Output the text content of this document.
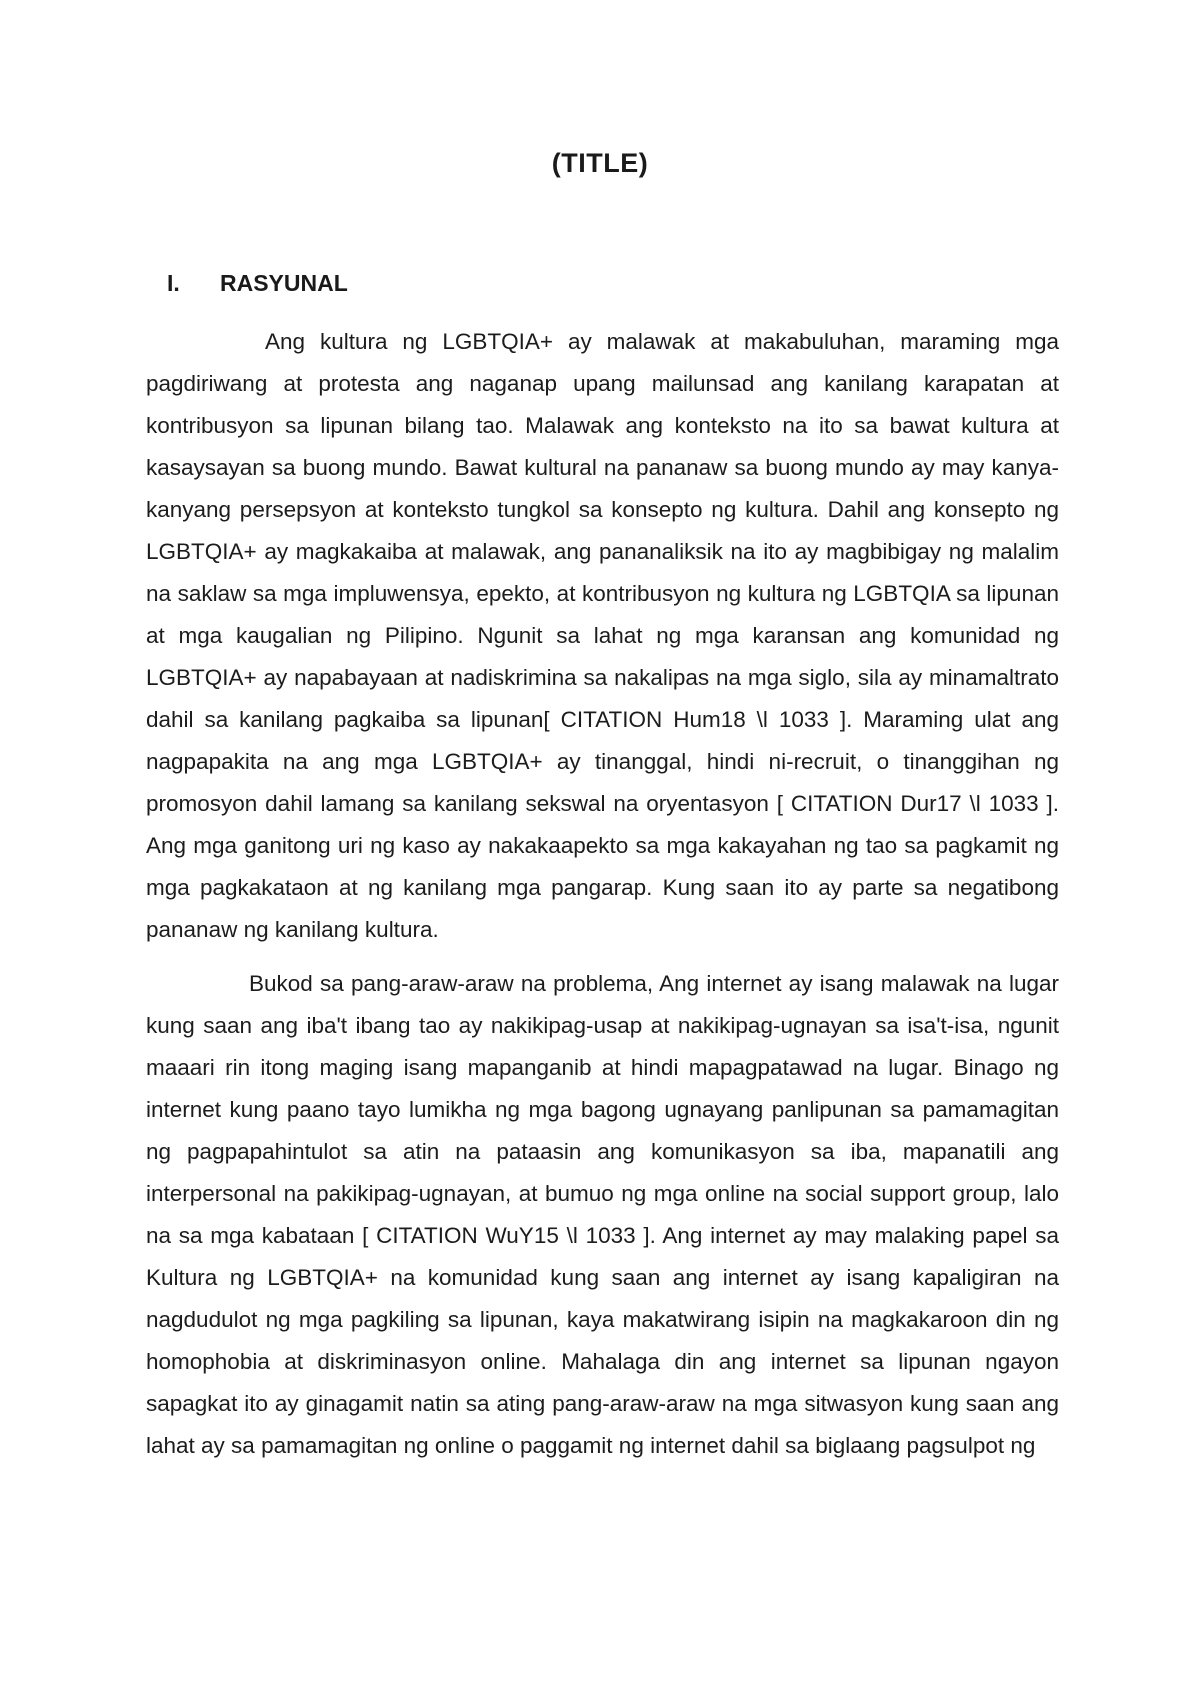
(TITLE)
I.	RASYUNAL

Ang kultura ng LGBTQIA+ ay malawak at makabuluhan, maraming mga pagdiriwang at protesta ang naganap upang mailunsad ang kanilang karapatan at kontribusyon sa lipunan bilang tao. Malawak ang konteksto na ito sa bawat kultura at kasaysayan sa buong mundo. Bawat kultural na pananaw sa buong mundo ay may kanya-kanyang persepsyon at konteksto tungkol sa konsepto ng kultura. Dahil ang konsepto ng LGBTQIA+ ay magkakaiba at malawak, ang pananaliksik na ito ay magbibigay ng malalim na saklaw sa mga impluwensya, epekto, at kontribusyon ng kultura ng LGBTQIA sa lipunan at mga kaugalian ng Pilipino. Ngunit sa lahat ng mga karansan ang komunidad ng LGBTQIA+ ay napabayaan at nadiskrimina sa nakalipas na mga siglo, sila ay minamaltrato dahil sa kanilang pagkaiba sa lipunan[ CITATION Hum18 \l 1033 ]. Maraming ulat ang nagpapakita na ang mga LGBTQIA+ ay tinanggal, hindi ni-recruit, o tinanggihan ng promosyon dahil lamang sa kanilang sekswal na oryentasyon [ CITATION Dur17 \l 1033 ]. Ang mga ganitong uri ng kaso ay nakakaapekto sa mga kakayahan ng tao sa pagkamit ng mga pagkakataon at ng kanilang mga pangarap. Kung saan ito ay parte sa negatibong pananaw ng kanilang kultura.

Bukod sa pang-araw-araw na problema, Ang internet ay isang malawak na lugar kung saan ang iba't ibang tao ay nakikipag-usap at nakikipag-ugnayan sa isa't-isa, ngunit maaari rin itong maging isang mapanganib at hindi mapagpatawad na lugar. Binago ng internet kung paano tayo lumikha ng mga bagong ugnayang panlipunan sa pamamagitan ng pagpapahintulot sa atin na pataasin ang komunikasyon sa iba, mapanatili ang interpersonal na pakikipag-ugnayan, at bumuo ng mga online na social support group, lalo na sa mga kabataan [ CITATION WuY15 \l 1033 ]. Ang internet ay may malaking papel sa Kultura ng LGBTQIA+ na komunidad kung saan ang internet ay isang kapaligiran na nagdudulot ng mga pagkiling sa lipunan, kaya makatwirang isipin na magkakaroon din ng homophobia at diskriminasyon online. Mahalaga din ang internet sa lipunan ngayon sapagkat ito ay ginagamit natin sa ating pang-araw-araw na mga sitwasyon kung saan ang lahat ay sa pamamagitan ng online o paggamit ng internet dahil sa biglaang pagsulpot ng
